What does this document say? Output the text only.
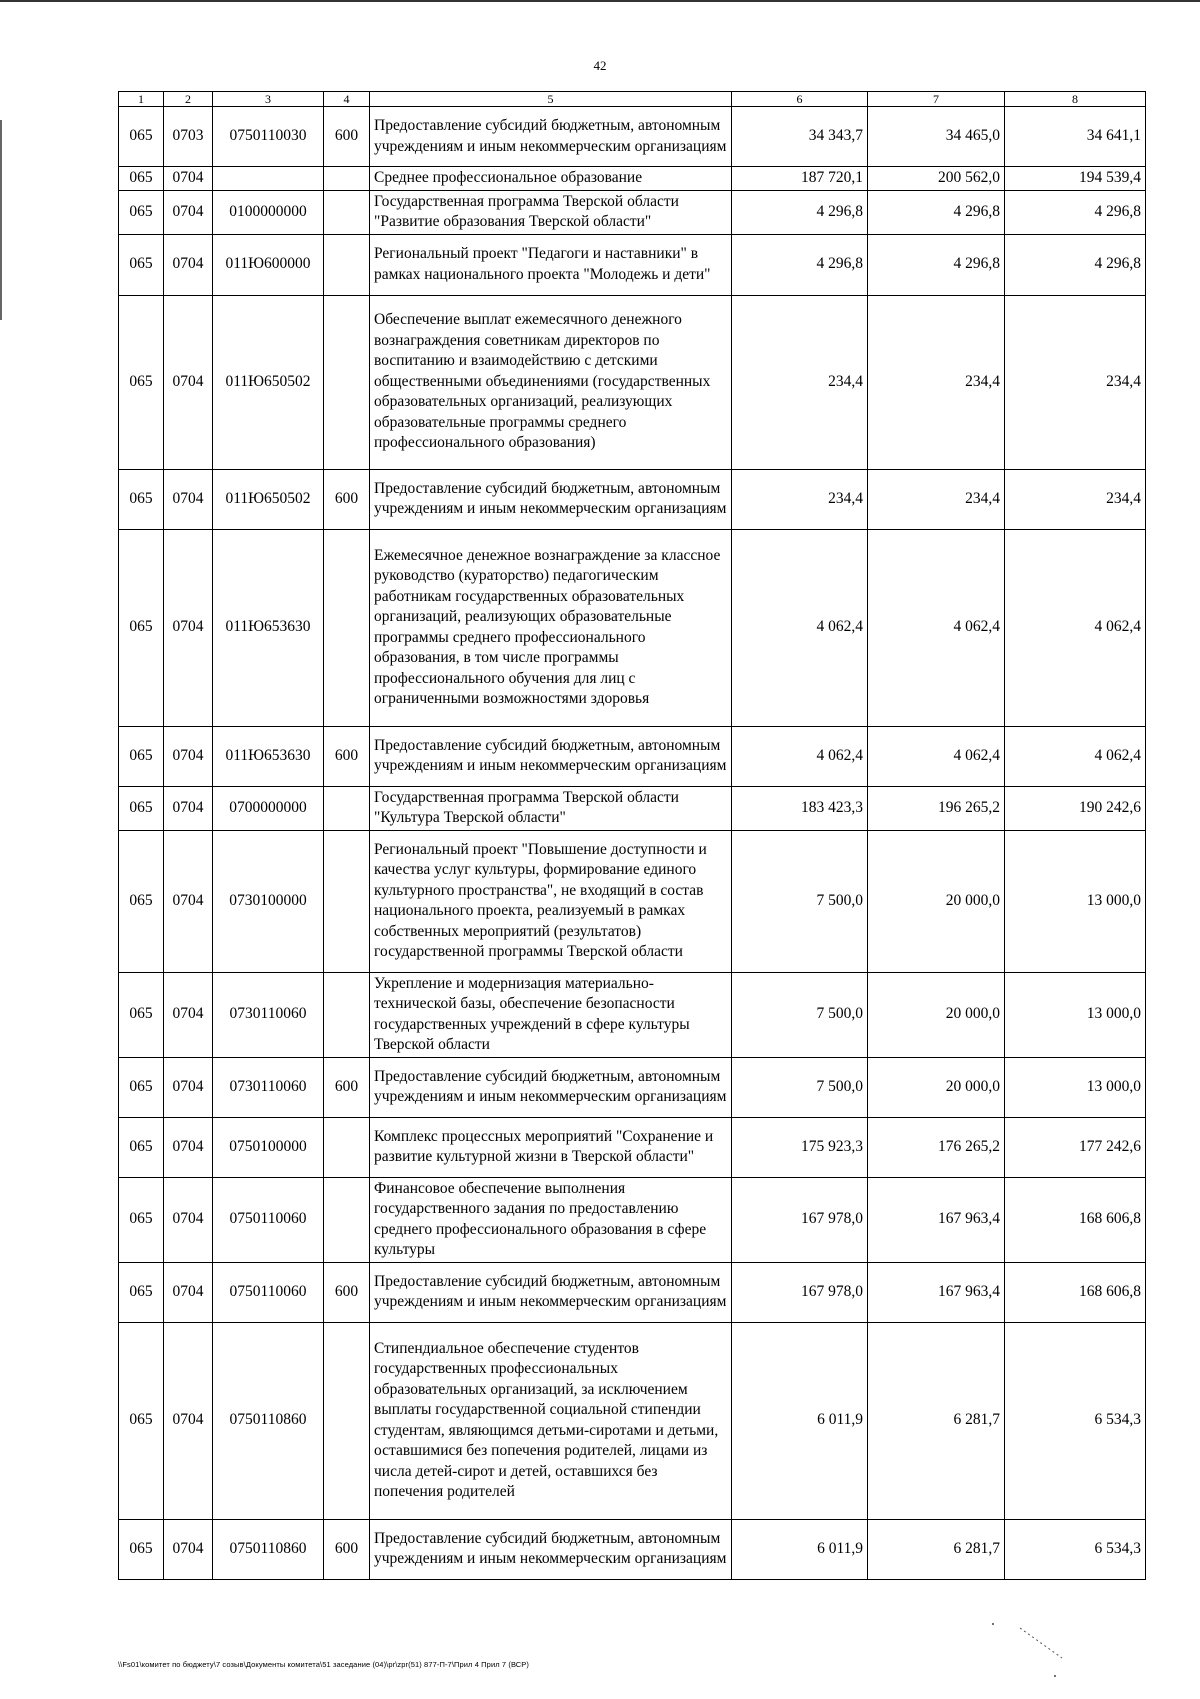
42
1	2	3	4	5	6	7	8
065	0703	0750110030	600	Предоставление субсидий бюджетным, автономным учреждениям и иным некоммерческим организациям	34 343,7	34 465,0	34 641,1
065	0704			Среднее профессиональное образование	187 720,1	200 562,0	194 539,4
065	0704	0100000000		Государственная программа Тверской области "Развитие образования Тверской области"	4 296,8	4 296,8	4 296,8
065	0704	011Ю600000		Региональный проект "Педагоги и наставники" в рамках национального проекта "Молодежь и дети"	4 296,8	4 296,8	4 296,8
065	0704	011Ю650502		Обеспечение выплат ежемесячного денежного вознаграждения советникам директоров по воспитанию и взаимодействию с детскими общественными объединениями (государственных образовательных организаций, реализующих образовательные программы среднего профессионального образования)	234,4	234,4	234,4
065	0704	011Ю650502	600	Предоставление субсидий бюджетным, автономным учреждениям и иным некоммерческим организациям	234,4	234,4	234,4
065	0704	011Ю653630		Ежемесячное денежное вознаграждение за классное руководство (кураторство) педагогическим работникам государственных образовательных организаций, реализующих образовательные программы среднего профессионального образования, в том числе программы профессионального обучения для лиц с ограниченными возможностями здоровья	4 062,4	4 062,4	4 062,4
065	0704	011Ю653630	600	Предоставление субсидий бюджетным, автономным учреждениям и иным некоммерческим организациям	4 062,4	4 062,4	4 062,4
065	0704	0700000000		Государственная программа Тверской области "Культура Тверской области"	183 423,3	196 265,2	190 242,6
065	0704	0730100000		Региональный проект "Повышение доступности и качества услуг культуры, формирование единого культурного пространства", не входящий в состав национального проекта, реализуемый в рамках собственных мероприятий (результатов) государственной программы Тверской области	7 500,0	20 000,0	13 000,0
065	0704	0730110060		Укрепление и модернизация материально-технической базы, обеспечение безопасности государственных учреждений в сфере культуры Тверской области	7 500,0	20 000,0	13 000,0
065	0704	0730110060	600	Предоставление субсидий бюджетным, автономным учреждениям и иным некоммерческим организациям	7 500,0	20 000,0	13 000,0
065	0704	0750100000		Комплекс процессных мероприятий "Сохранение и развитие культурной жизни в Тверской области"	175 923,3	176 265,2	177 242,6
065	0704	0750110060		Финансовое обеспечение выполнения государственного задания по предоставлению среднего профессионального образования в сфере культуры	167 978,0	167 963,4	168 606,8
065	0704	0750110060	600	Предоставление субсидий бюджетным, автономным учреждениям и иным некоммерческим организациям	167 978,0	167 963,4	168 606,8
065	0704	0750110860		Стипендиальное обеспечение студентов государственных профессиональных образовательных организаций, за исключением выплаты государственной социальной стипендии студентам, являющимся детьми-сиротами и детьми, оставшимися без попечения родителей, лицами из числа детей-сирот и детей, оставшихся без попечения родителей	6 011,9	6 281,7	6 534,3
065	0704	0750110860	600	Предоставление субсидий бюджетным, автономным учреждениям и иным некоммерческим организациям	6 011,9	6 281,7	6 534,3
\\Fs01\комитет по бюджету\7 созыв\Документы комитета\51 заседание (04)\pr\zpr(51) 877-П-7\Прил 4 Прил 7 (ВСР)
